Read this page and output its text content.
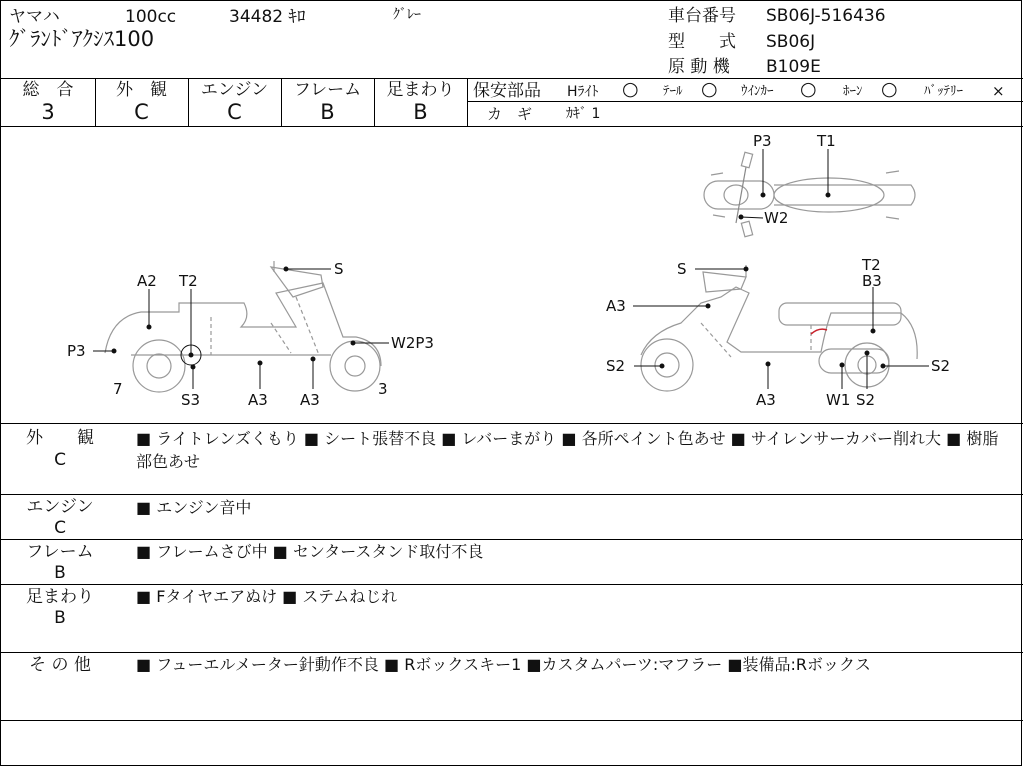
ヤマハ	100cc	34482 ｷﾛ	ｸﾞﾚｰ
ｸﾞﾗﾝﾄﾞｱｸｼｽ100
車台番号 SB06J-516436
型　　式 SB06J
原 動 機 B109E
総　合
3
外　観
C
エンジン
C
フレーム
B
足まわり
B
保安部品 Hﾗｲﾄ ○ ﾃｰﾙ ○ ｳｲﾝｶｰ ○ ﾎｰﾝ ○ ﾊﾞｯﾃﾘｰ ×
カ　ギ ｶｷﾞ 1
P3	T1
W2
A2 T2
S
P3	W2P3
7
S3	A3 A3
3
S	T2
B3
A3
S2	S2
A3	W1 S2
外　　観
C
■ ライトレンズくもり ■ シート張替不良 ■ レバーまがり ■ 各所ペイント色あせ ■ サイレンサーカバー削れ大 ■ 樹脂部色あせ
エンジン
C
■ エンジン音中
フレーム
B
■ フレームさび中 ■ センタースタンド取付不良
足まわり
B
■ Fタイヤエアぬけ ■ ステムねじれ
そ の 他	■ フューエルメーター針動作不良 ■ Rボックスキー1 ■カスタムパーツ:マフラー ■装備品:Rボックス
